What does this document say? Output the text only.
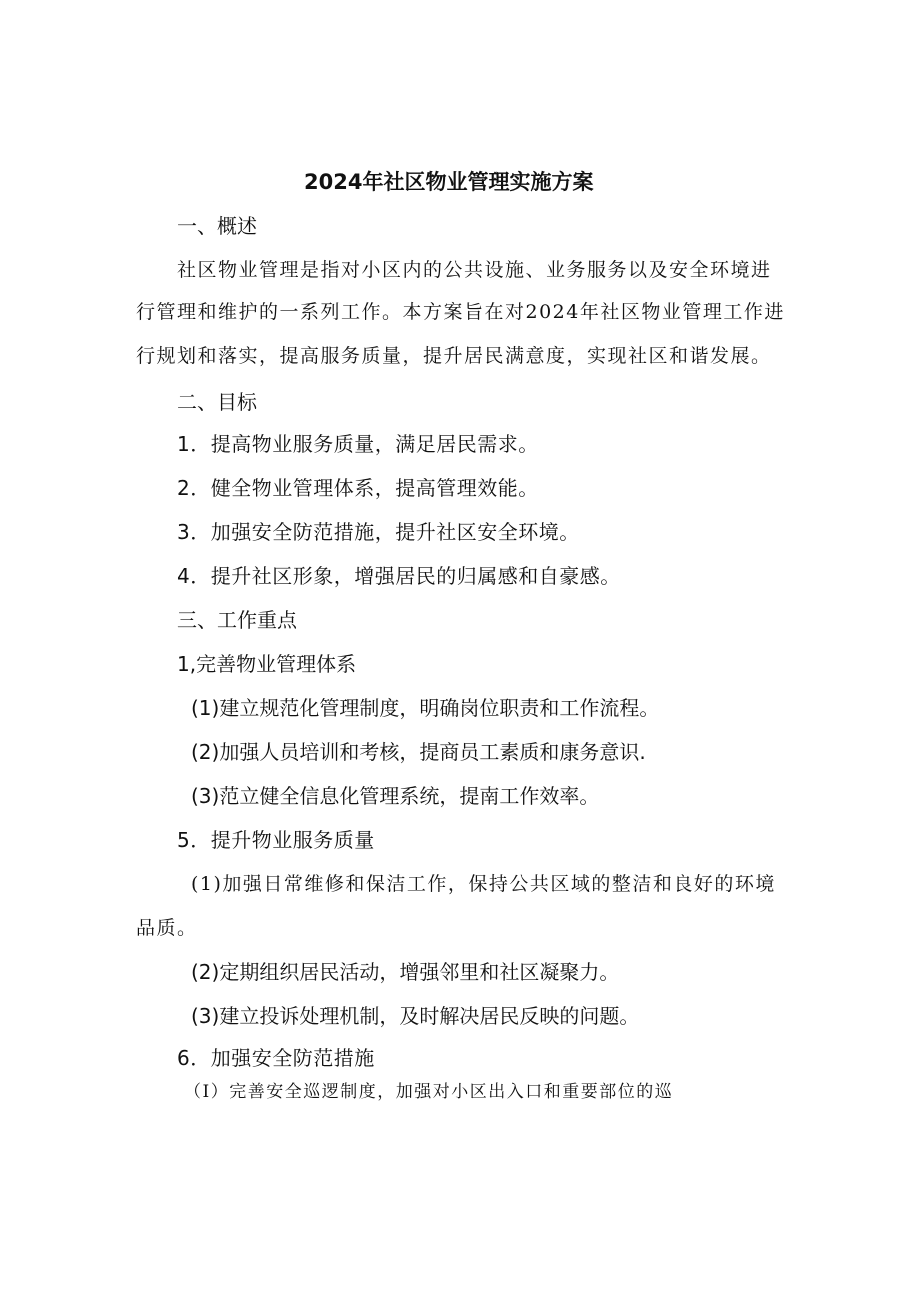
2024年社区物业管理实施方案

一、概述

社区物业管理是指对小区内的公共设施、业务服务以及安全环境进

行管理和维护的一系列工作。本方案旨在对2024年社区物业管理工作进

行规划和落实，提高服务质量，提升居民满意度，实现社区和谐发展。

二、目标

1．提高物业服务质量，满足居民需求。

2．健全物业管理体系，提高管理效能。

3．加强安全防范措施，提升社区安全环境。

4．提升社区形象，增强居民的归属感和自豪感。

三、工作重点

1,完善物业管理体系

(1)建立规范化管理制度，明确岗位职责和工作流程。

(2)加强人员培训和考核，提商员工素质和康务意识.

(3)范立健全信息化管理系统，提南工作效率。

5．提升物业服务质量

(1)加强日常维修和保洁工作，保持公共区域的整洁和良好的环境

品质。

(2)定期组织居民活动，增强邻里和社区凝聚力。

(3)建立投诉处理机制，及时解决居民反映的问题。

6．加强安全防范措施

（I）完善安全巡逻制度，加强对小区出入口和重要部位的巡
